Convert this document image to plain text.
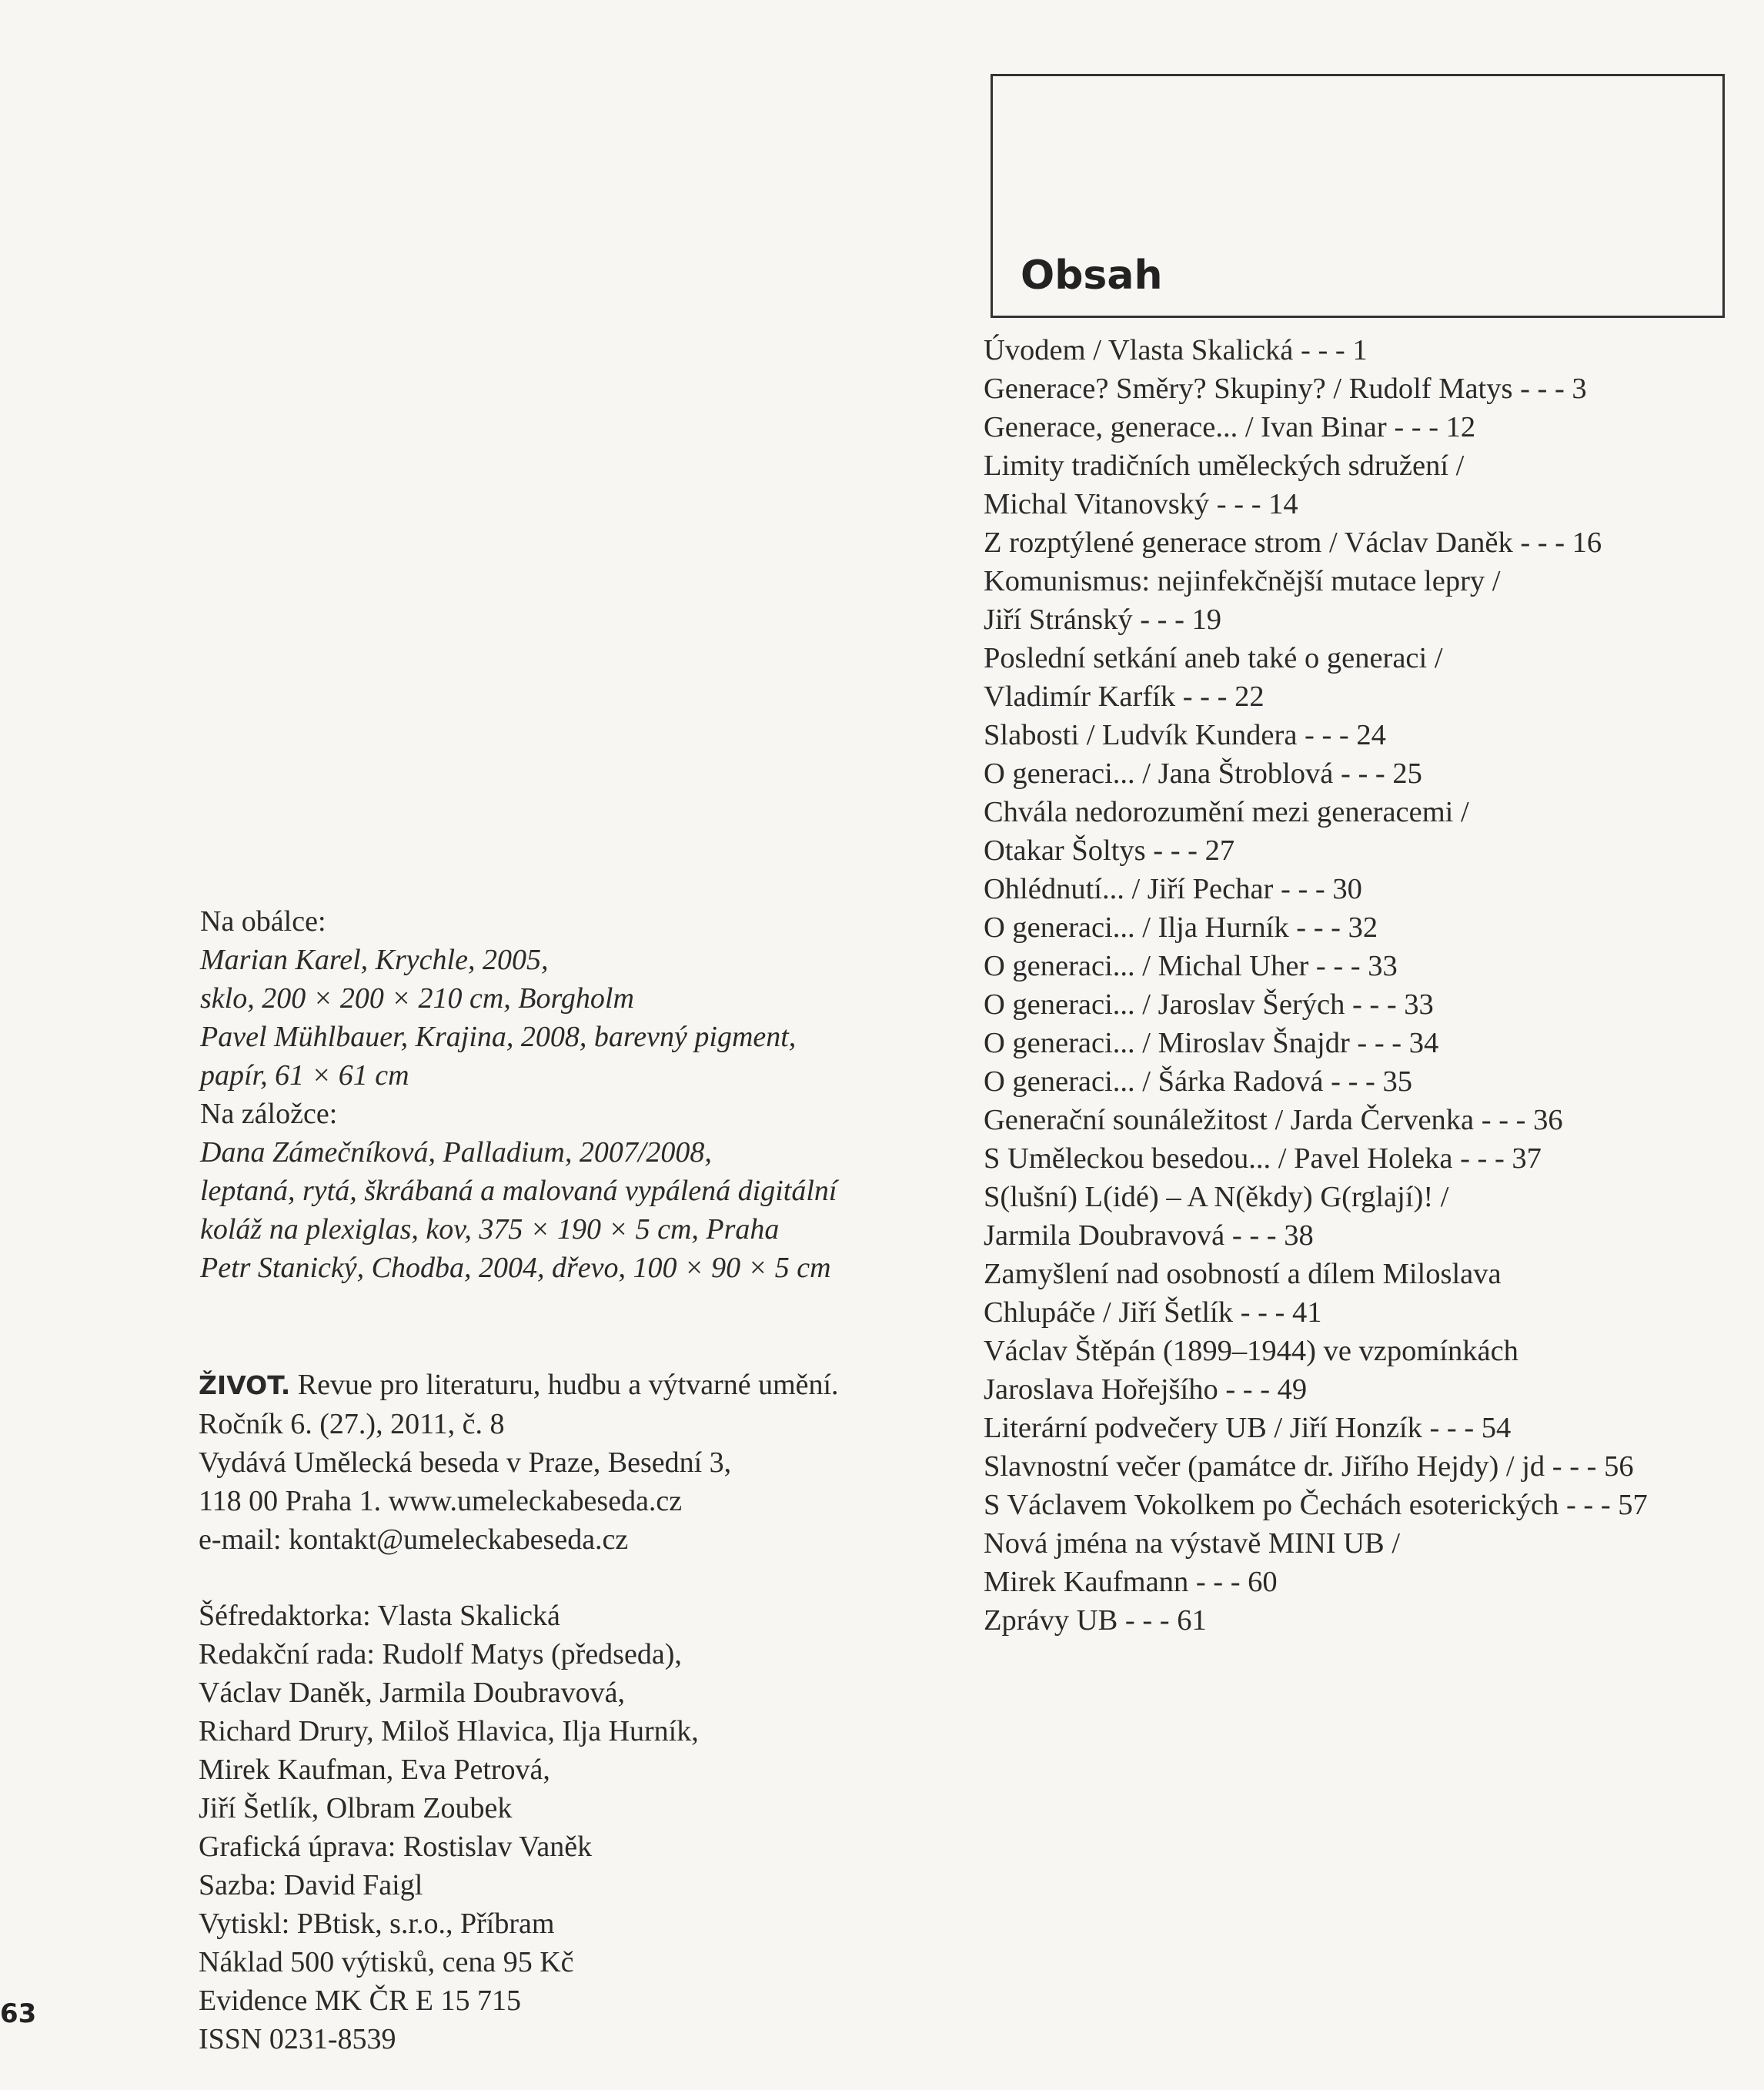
Obsah
Úvodem / Vlasta Skalická - - - 1
Generace? Směry? Skupiny? / Rudolf Matys - - - 3
Generace, generace... / Ivan Binar - - - 12
Limity tradičních uměleckých sdružení /
Michal Vitanovský - - - 14
Z rozptýlené generace strom / Václav Daněk - - - 16
Komunismus: nejinfekčnější mutace lepry /
Jiří Stránský - - - 19
Poslední setkání aneb také o generaci /
Vladimír Karfík - - - 22
Slabosti / Ludvík Kundera - - - 24
O generaci... / Jana Štroblová - - - 25
Chvála nedorozumění mezi generacemi /
Otakar Šoltys - - - 27
Ohlédnutí... / Jiří Pechar - - - 30
O generaci... / Ilja Hurník - - - 32
O generaci... / Michal Uher - - - 33
O generaci... / Jaroslav Šerých - - - 33
O generaci... / Miroslav Šnajdr - - - 34
O generaci... / Šárka Radová - - - 35
Generační sounáležitost / Jarda Červenka - - - 36
S Uměleckou besedou... / Pavel Holeka - - - 37
S(lušní) L(idé) – A N(ěkdy) G(rglají)! /
Jarmila Doubravová - - - 38
Zamyšlení nad osobností a dílem Miloslava
Chlupáče / Jiří Šetlík - - - 41
Václav Štěpán (1899–1944) ve vzpomínkách
Jaroslava Hořejšího - - - 49
Literární podvečery UB / Jiří Honzík - - - 54
Slavnostní večer (památce dr. Jiřího Hejdy) / jd - - - 56
S Václavem Vokolkem po Čechách esoterických - - - 57
Nová jména na výstavě MINI UB /
Mirek Kaufmann - - - 60
Zprávy UB - - - 61

Na obálce:

Marian Karel, Krychle, 2005,

sklo, 200 × 200 × 210 cm, Borgholm

Pavel Mühlbauer, Krajina, 2008, barevný pigment,

papír, 61 × 61 cm

Na záložce:

Dana Zámečníková, Palladium, 2007/2008,

leptaná, rytá, škrábaná a malovaná vypálená digitální

koláž na plexiglas, kov, 375 × 190 × 5 cm, Praha

Petr Stanický, Chodba, 2004, dřevo, 100 × 90 × 5 cm

ŽIVOT. Revue pro literaturu, hudbu a výtvarné umění.

Ročník 6. (27.), 2011, č. 8

Vydává Umělecká beseda v Praze, Besední 3,

118 00 Praha 1. www.umeleckabeseda.cz

e-mail: kontakt@umeleckabeseda.cz

Šéfredaktorka: Vlasta Skalická

Redakční rada: Rudolf Matys (předseda),

Václav Daněk, Jarmila Doubravová,

Richard Drury, Miloš Hlavica, Ilja Hurník,

Mirek Kaufman, Eva Petrová,

Jiří Šetlík, Olbram Zoubek

Grafická úprava: Rostislav Vaněk

Sazba: David Faigl

Vytiskl: PBtisk, s.r.o., Příbram

Náklad 500 výtisků, cena 95 Kč

Evidence MK ČR E 15 715

ISSN 0231-8539

63
